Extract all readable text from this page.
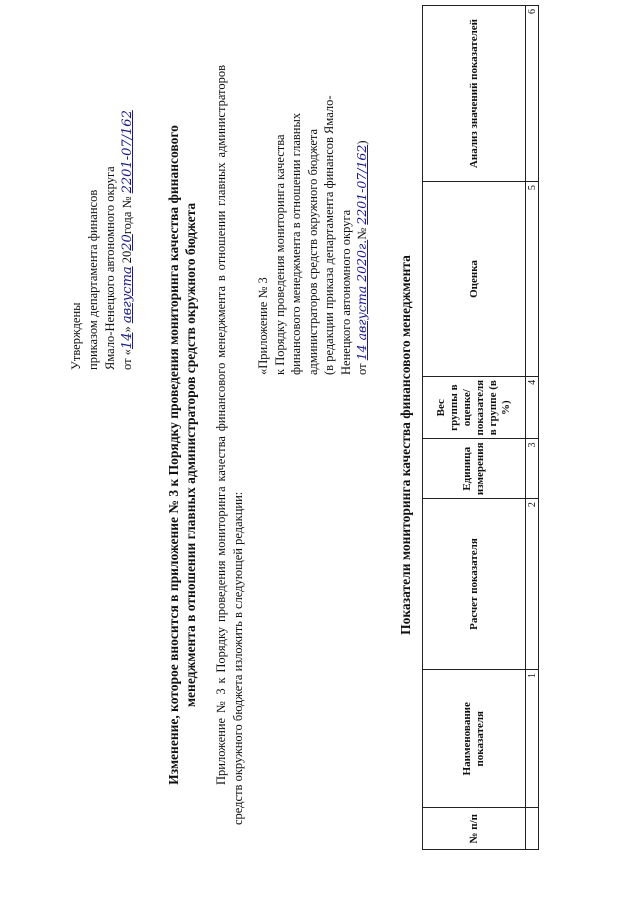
Утверждены приказом департамента финансов Ямало-Ненецкого автономного округа от «14» августа 2020года № 2201-07/162 Изменение, которое вносится в приложение № 3 к Порядку проведения мониторинга качества финансового менеджмента в отношении главных администраторов средств окружного бюджета Приложение № 3 к Порядку проведения мониторинга качества финансового менеджмента в отношении главных администраторов средств окружного бюджета изложить в следующей редакции:
«Приложение № 3 к Порядку проведения мониторинга качества финансового менеджмента в отношении главных администраторов средств окружного бюджета (в редакции приказа департамента финансов Ямало-Ненецкого автономного округа от 14 августа 2020г.№ 2201-07/162)
Показатели мониторинга качества финансового менеджмента
№ п/п	Наименование показателя	Расчет показателя	Единица измерения	Вес группы в оценке/ показателя в группе (в %)	Оценка	Анализ значений показателей
	1	2	3	4	5	6
